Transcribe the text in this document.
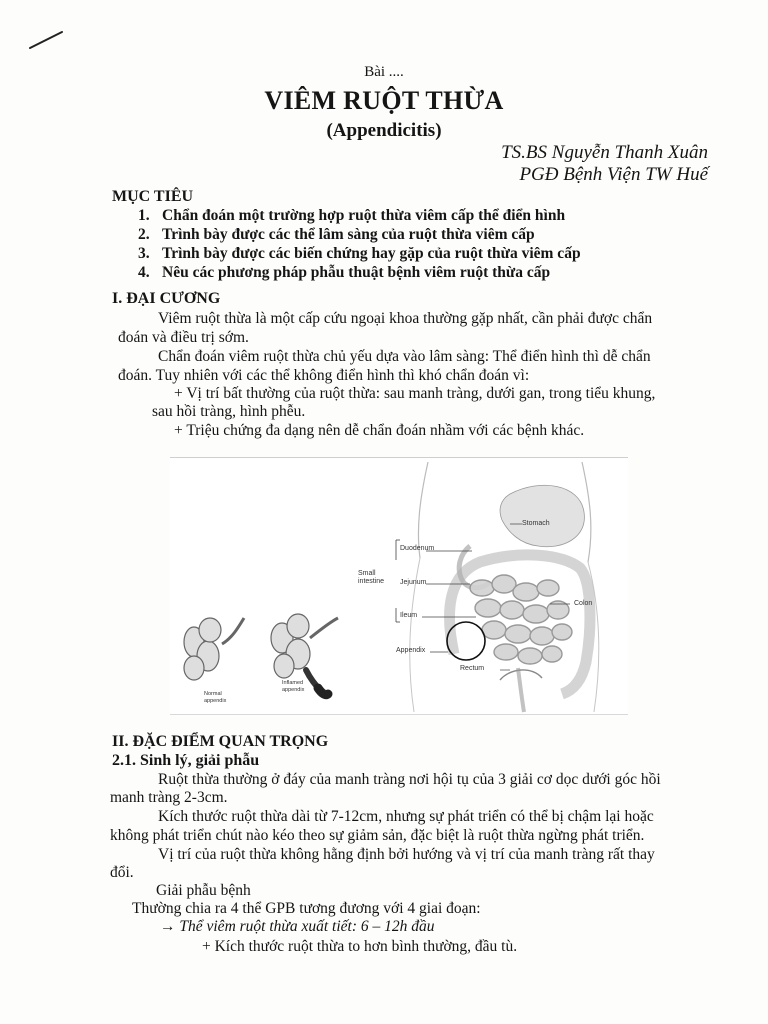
Bài ....
VIÊM RUỘT THỪA
(Appendicitis)
TS.BS Nguyễn Thanh Xuân
PGĐ Bệnh Viện TW Huế
MỤC TIÊU
1. Chẩn đoán một trường hợp ruột thừa viêm cấp thể điển hình
2. Trình bày được các thể lâm sàng của ruột thừa viêm cấp
3. Trình bày được các biến chứng hay gặp của ruột thừa viêm cấp
4. Nêu các phương pháp phẫu thuật bệnh viêm ruột thừa cấp
I. ĐẠI CƯƠNG
Viêm ruột thừa là một cấp cứu ngoại khoa thường gặp nhất, cần phải được chẩn
đoán và điều trị sớm.
Chẩn đoán viêm ruột thừa chủ yếu dựa vào lâm sàng: Thể điển hình thì dễ chẩn
đoán. Tuy nhiên với các thể không điển hình thì khó chẩn đoán vì:
+ Vị trí bất thường của ruột thừa: sau manh tràng, dưới gan, trong tiểu khung,
sau hồi tràng, hình phễu.
+ Triệu chứng đa dạng nên dễ chẩn đoán nhầm với các bệnh khác.
Stomach
Duodenum
Small
intestine Jejunum
Colon
Ileum
Appendix
Rectum
Normal
appendix
Inflamed
appendix
II. ĐẶC ĐIỂM QUAN TRỌNG
2.1. Sinh lý, giải phẫu
Ruột thừa thường ở đáy của manh tràng nơi hội tụ của 3 giải cơ dọc dưới góc hồi
manh tràng 2-3cm.
Kích thước ruột thừa dài từ 7-12cm, nhưng sự phát triển có thể bị chậm lại hoặc
không phát triển chút nào kéo theo sự giảm sản, đặc biệt là ruột thừa ngừng phát triển.
Vị trí của ruột thừa không hằng định bởi hướng và vị trí của manh tràng rất thay
đổi.
Giải phẫu bệnh
Thường chia ra 4 thể GPB tương đương với 4 giai đoạn:
→ Thể viêm ruột thừa xuất tiết: 6 – 12h đầu
+ Kích thước ruột thừa to hơn bình thường, đầu tù.
